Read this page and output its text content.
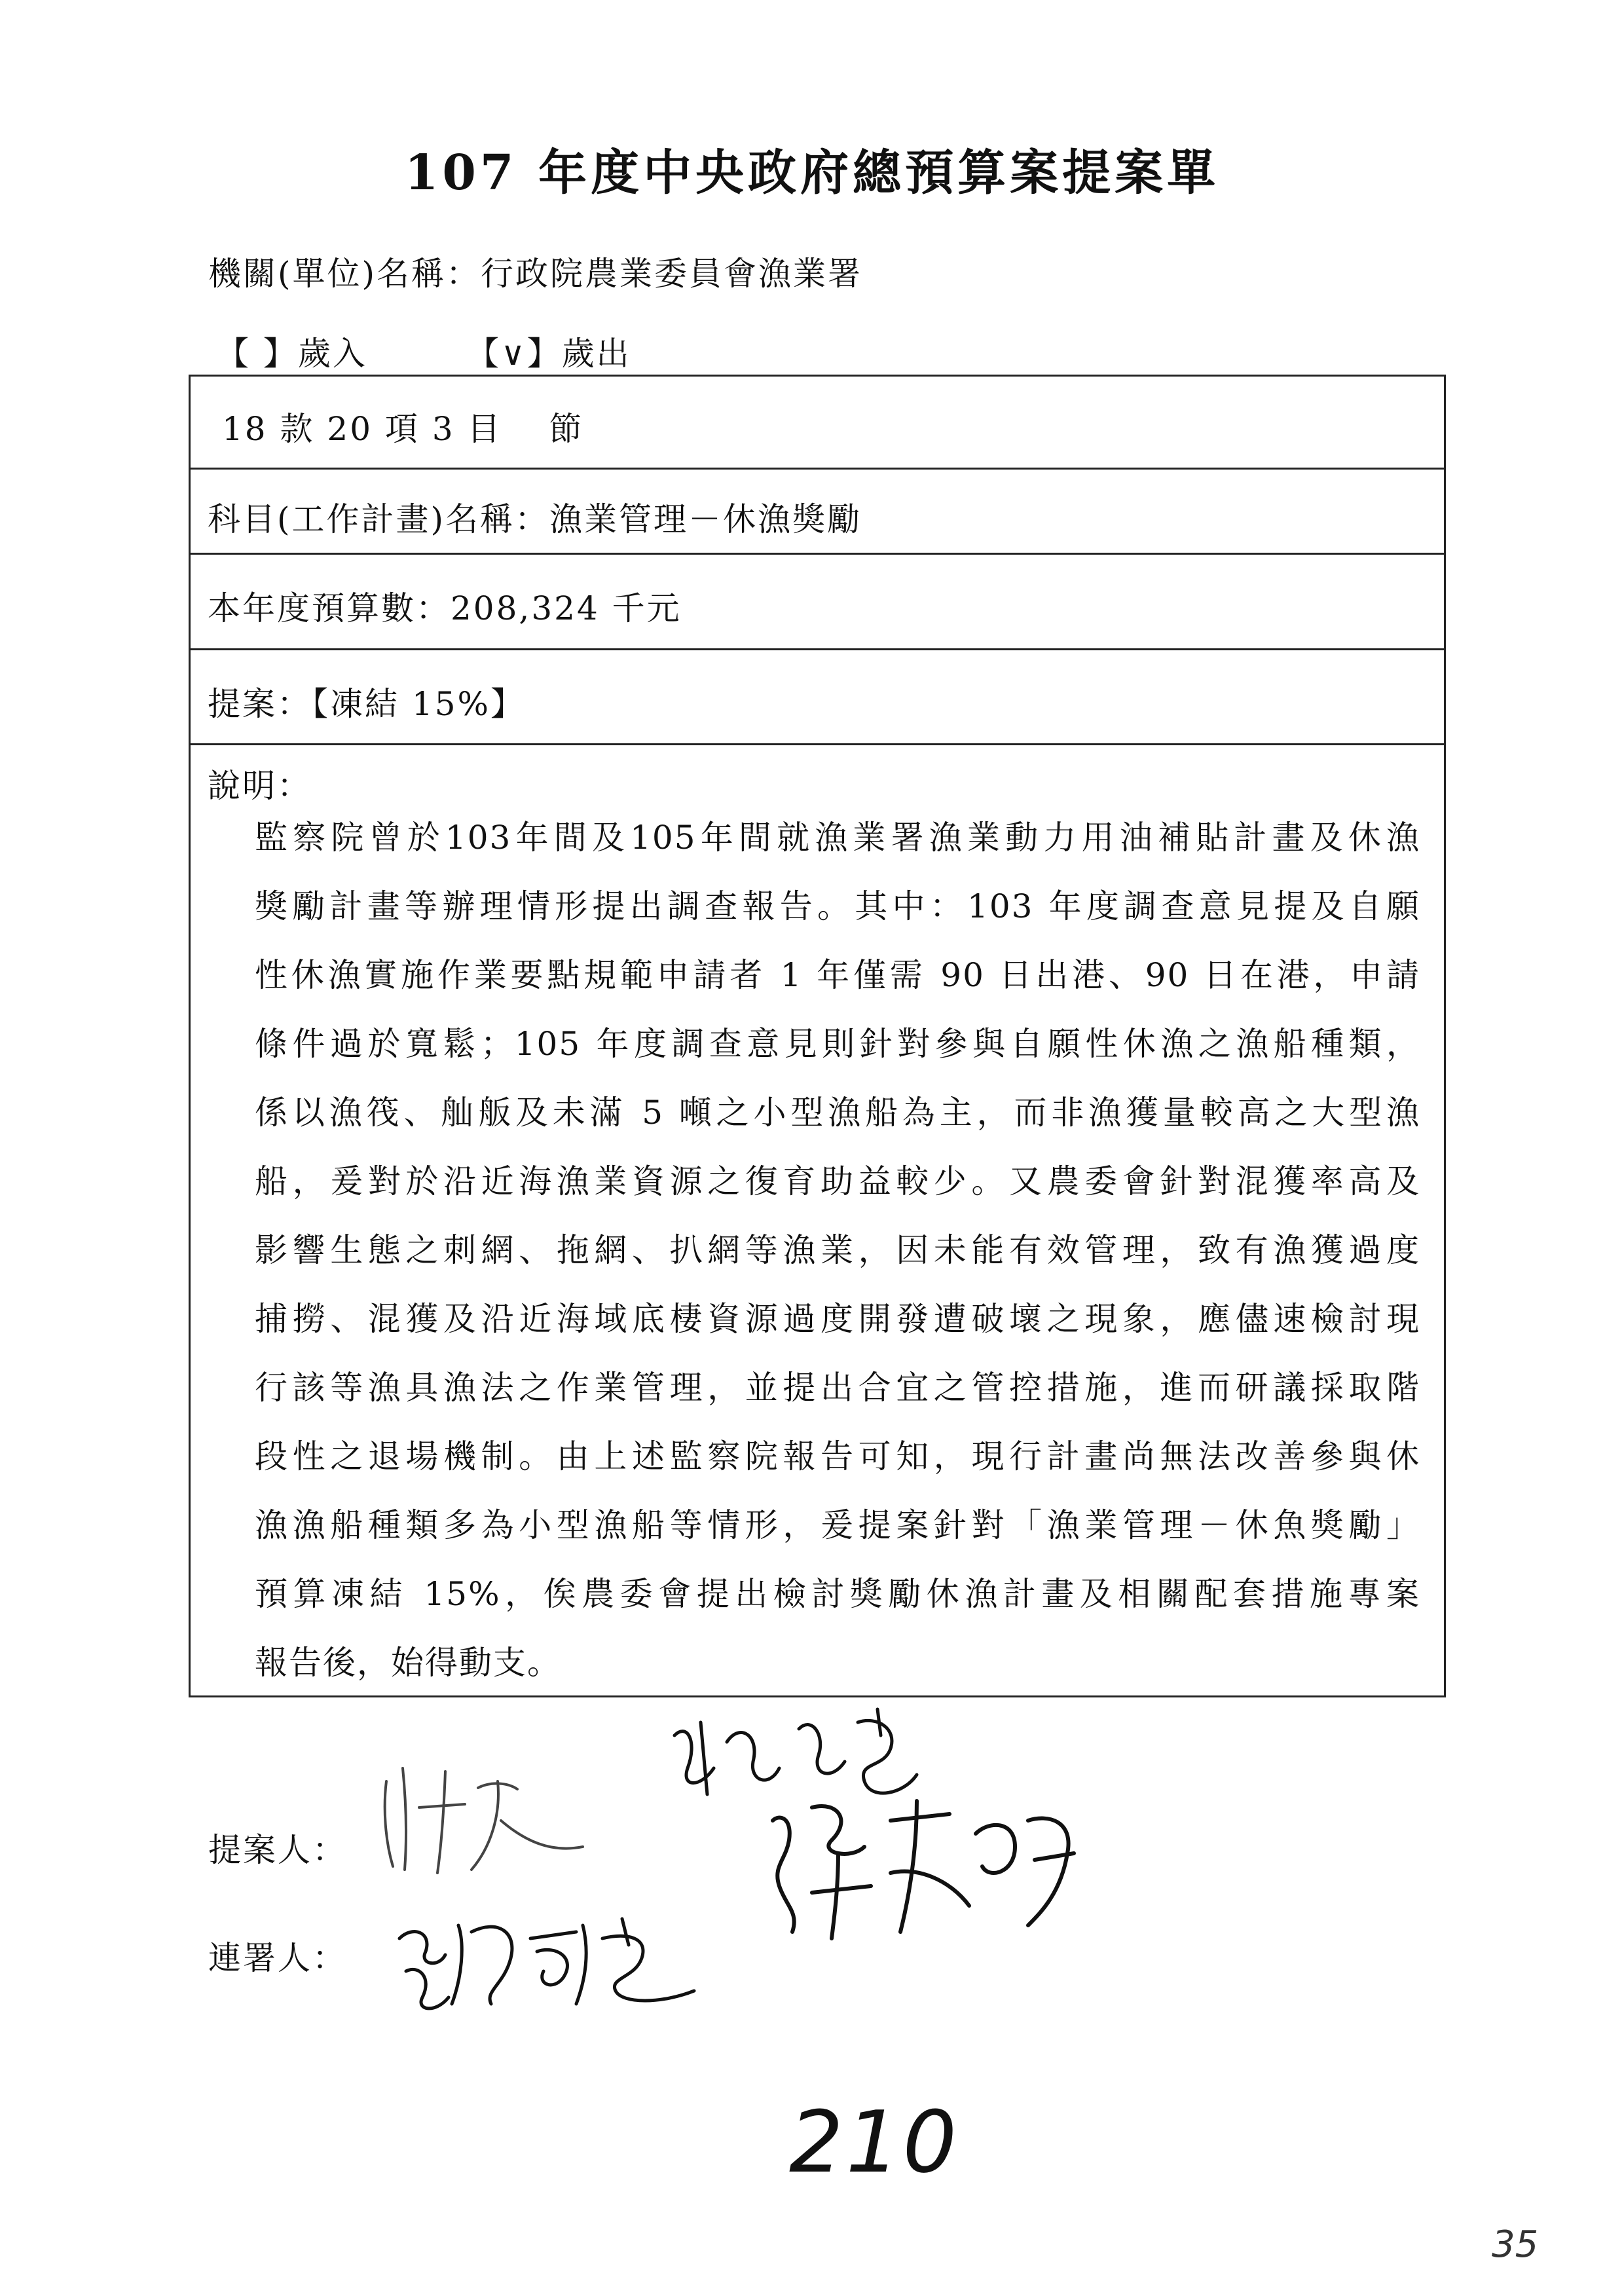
107 年度中央政府總預算案提案單
機關(單位)名稱：行政院農業委員會漁業署
【 】歲入	【∨】歲出
18 款 20 項 3 目　 節
科目(工作計畫)名稱：漁業管理－休漁獎勵
本年度預算數：208,324 千元
提案：【凍結 15%】
說明：
監察院曾於103年間及105年間就漁業署漁業動力用油補貼計畫及休漁
獎勵計畫等辦理情形提出調查報告。其中：103 年度調查意見提及自願
性休漁實施作業要點規範申請者 1 年僅需 90 日出港、90 日在港，申請
條件過於寬鬆；105 年度調查意見則針對參與自願性休漁之漁船種類，
係以漁筏、舢舨及未滿 5 噸之小型漁船為主，而非漁獲量較高之大型漁
船，爰對於沿近海漁業資源之復育助益較少。又農委會針對混獲率高及
影響生態之刺網、拖網、扒網等漁業，因未能有效管理，致有漁獲過度
捕撈、混獲及沿近海域底棲資源過度開發遭破壞之現象，應儘速檢討現
行該等漁具漁法之作業管理，並提出合宜之管控措施，進而研議採取階
段性之退場機制。由上述監察院報告可知，現行計畫尚無法改善參與休
漁漁船種類多為小型漁船等情形，爰提案針對「漁業管理－休魚獎勵」
預算凍結 15%，俟農委會提出檢討獎勵休漁計畫及相關配套措施專案
報告後，始得動支。
提案人：
連署人：
210
35
